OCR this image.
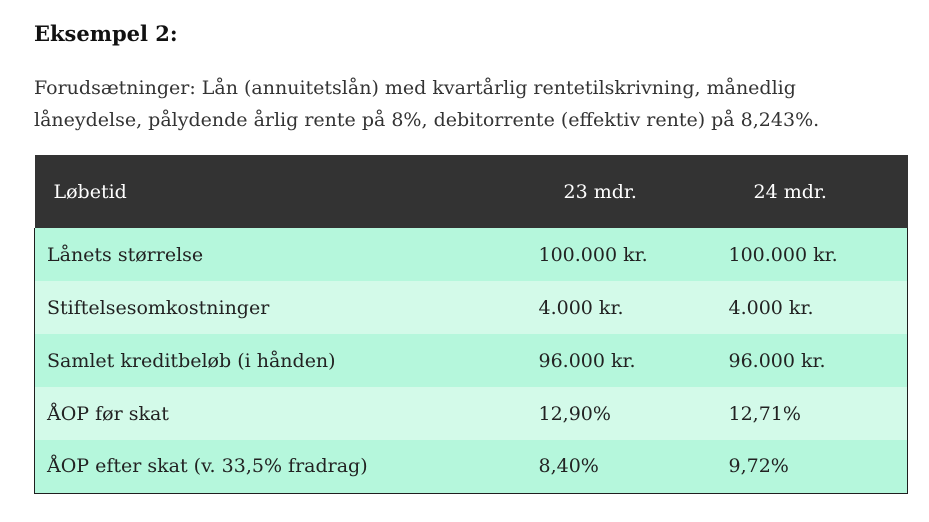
Eksempel 2:

Forudsætninger: Lån (annuitetslån) med kvartårlig rentetilskrivning, månedlig låneydelse, pålydende årlig rente på 8%, debitorrente (effektiv rente) på 8,243%.

Løbetid	23 mdr.	24 mdr.
Lånets størrelse	100.000 kr.	100.000 kr.
Stiftelsesomkostninger	4.000 kr.	4.000 kr.
Samlet kreditbeløb (i hånden)	96.000 kr.	96.000 kr.
ÅOP før skat	12,90%	12,71%
ÅOP efter skat (v. 33,5% fradrag)	8,40%	9,72%
